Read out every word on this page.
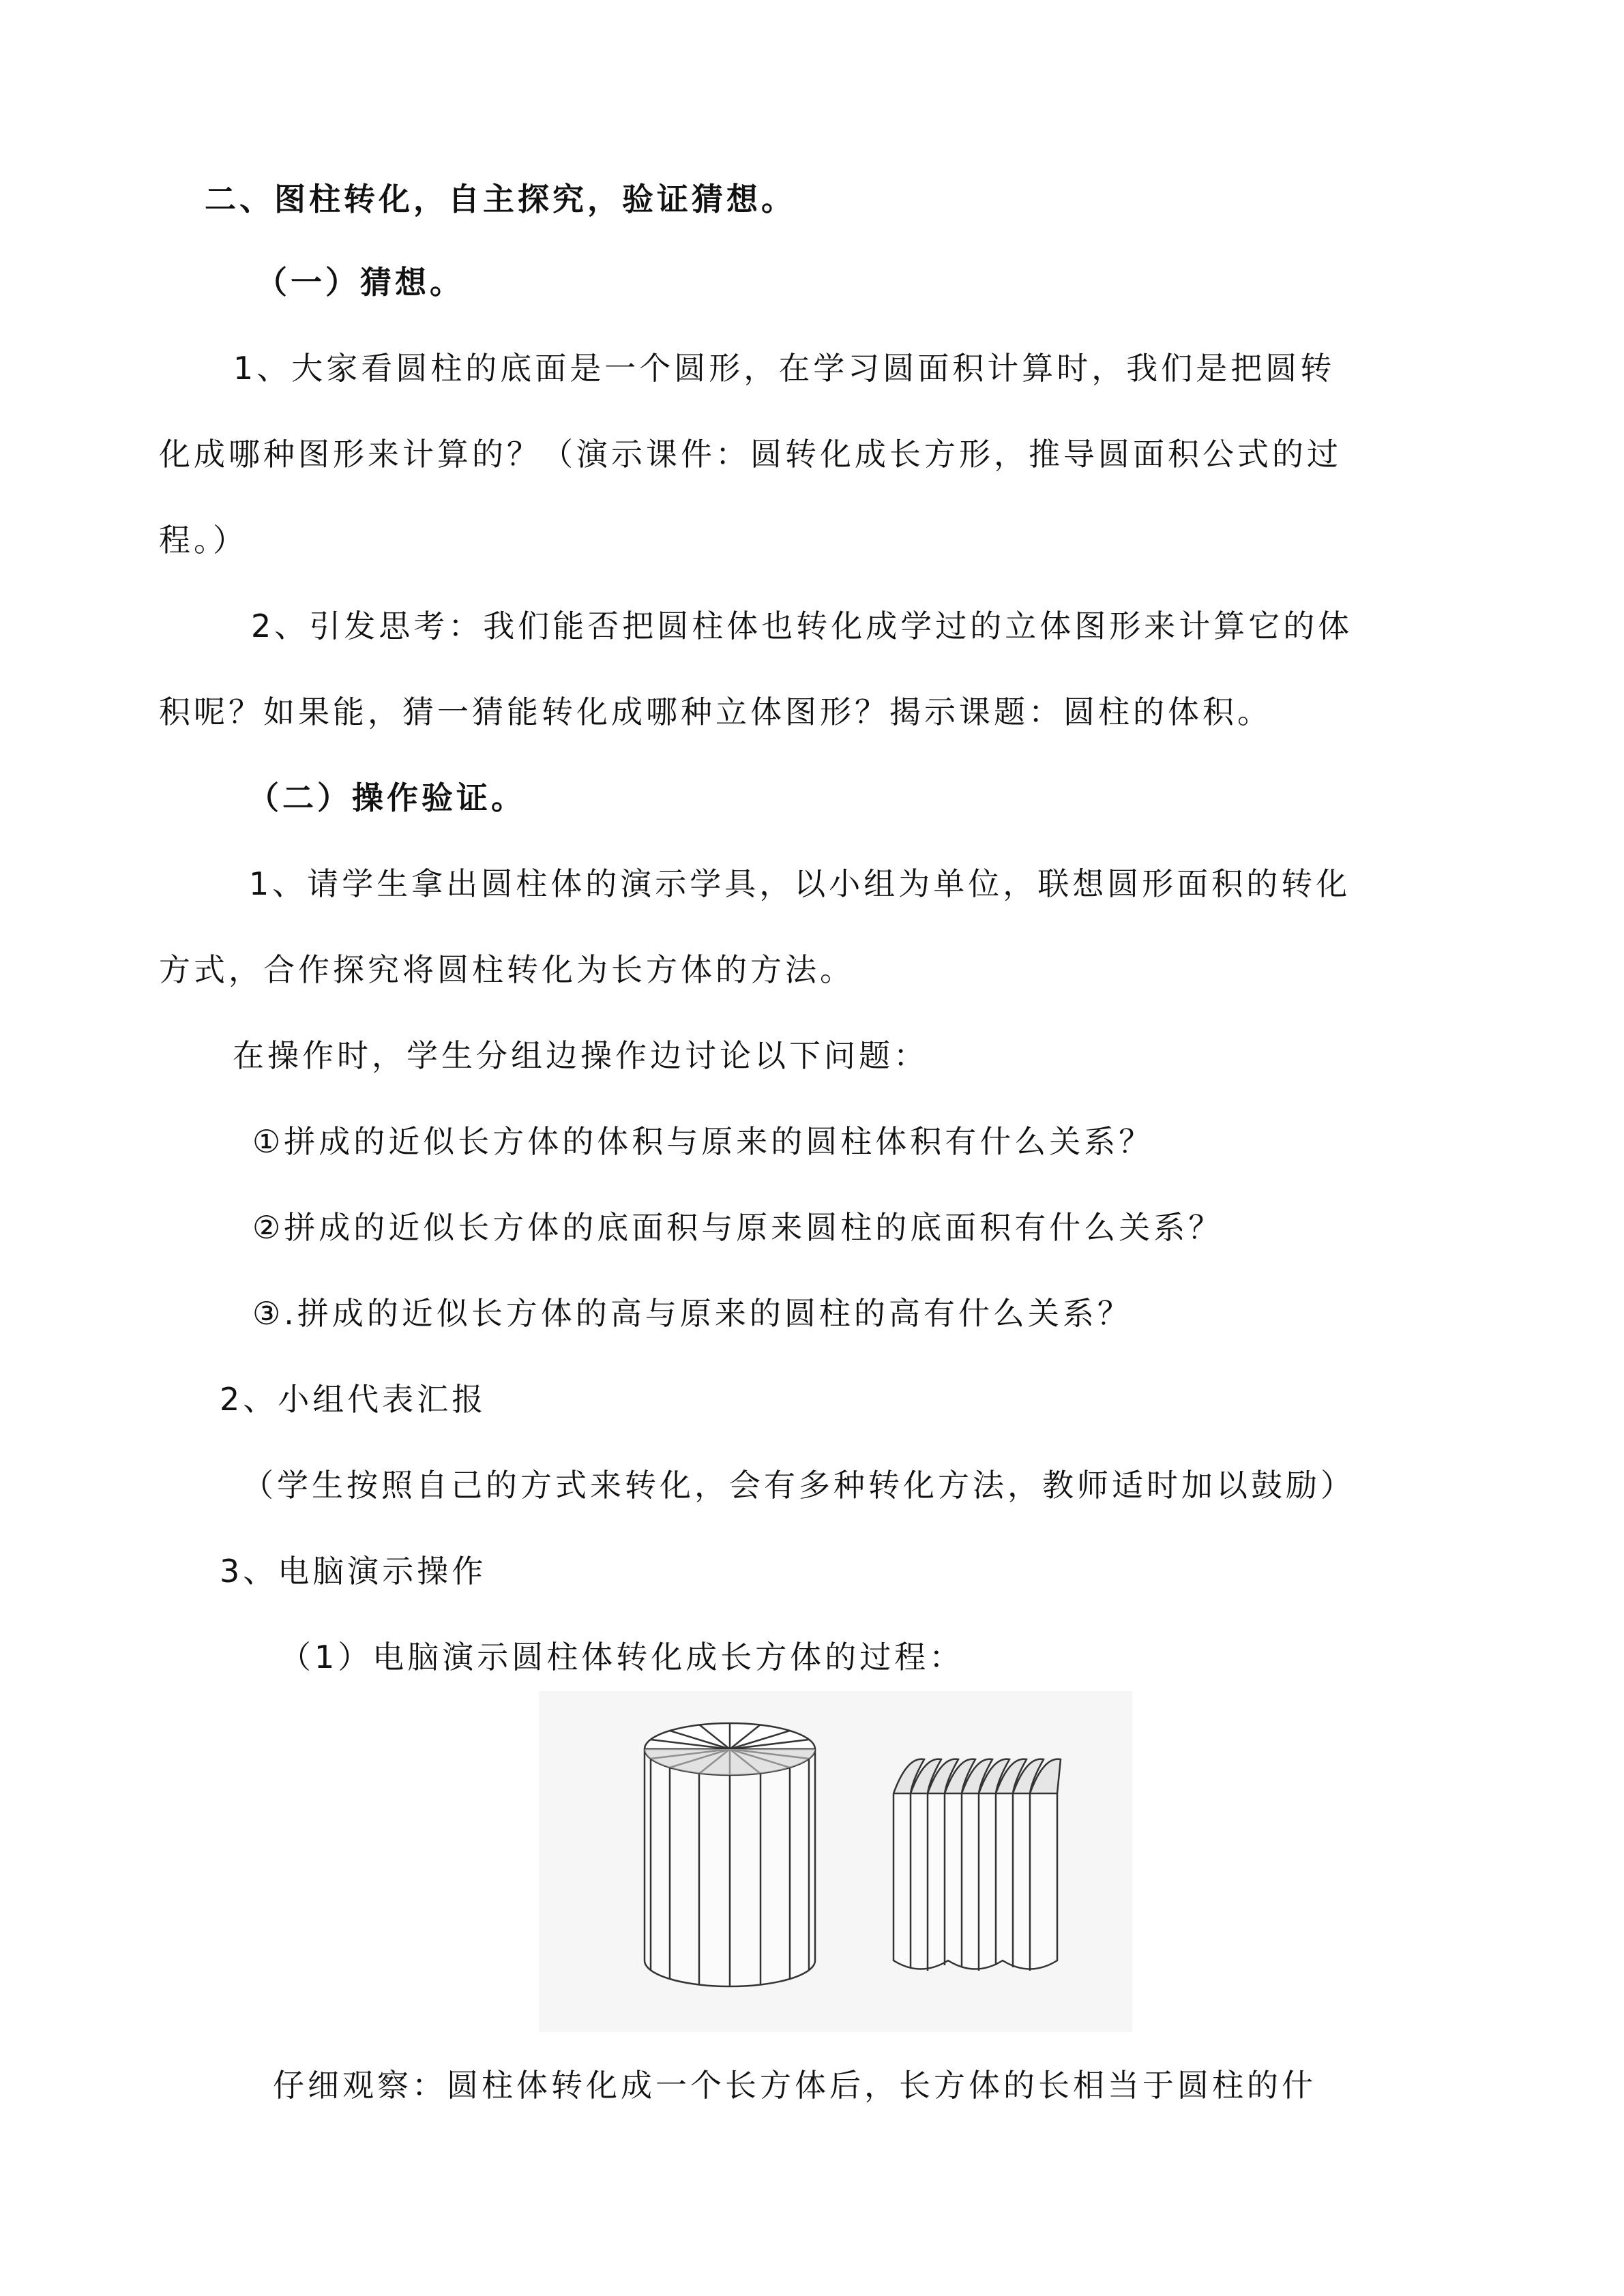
二、图柱转化，自主探究，验证猜想。
（一）猜想。
1、大家看圆柱的底面是一个圆形，在学习圆面积计算时，我们是把圆转
化成哪种图形来计算的？（演示课件：圆转化成长方形，推导圆面积公式的过
程。）
2、引发思考：我们能否把圆柱体也转化成学过的立体图形来计算它的体
积呢？如果能，猜一猜能转化成哪种立体图形？揭示课题：圆柱的体积。
（二）操作验证。
1、请学生拿出圆柱体的演示学具，以小组为单位，联想圆形面积的转化
方式，合作探究将圆柱转化为长方体的方法。
在操作时，学生分组边操作边讨论以下问题：
①拼成的近似长方体的体积与原来的圆柱体积有什么关系？
②拼成的近似长方体的底面积与原来圆柱的底面积有什么关系？
③.拼成的近似长方体的高与原来的圆柱的高有什么关系？
2、小组代表汇报
（学生按照自己的方式来转化，会有多种转化方法，教师适时加以鼓励）
3、电脑演示操作
（1）电脑演示圆柱体转化成长方体的过程：
仔细观察：圆柱体转化成一个长方体后，长方体的长相当于圆柱的什
